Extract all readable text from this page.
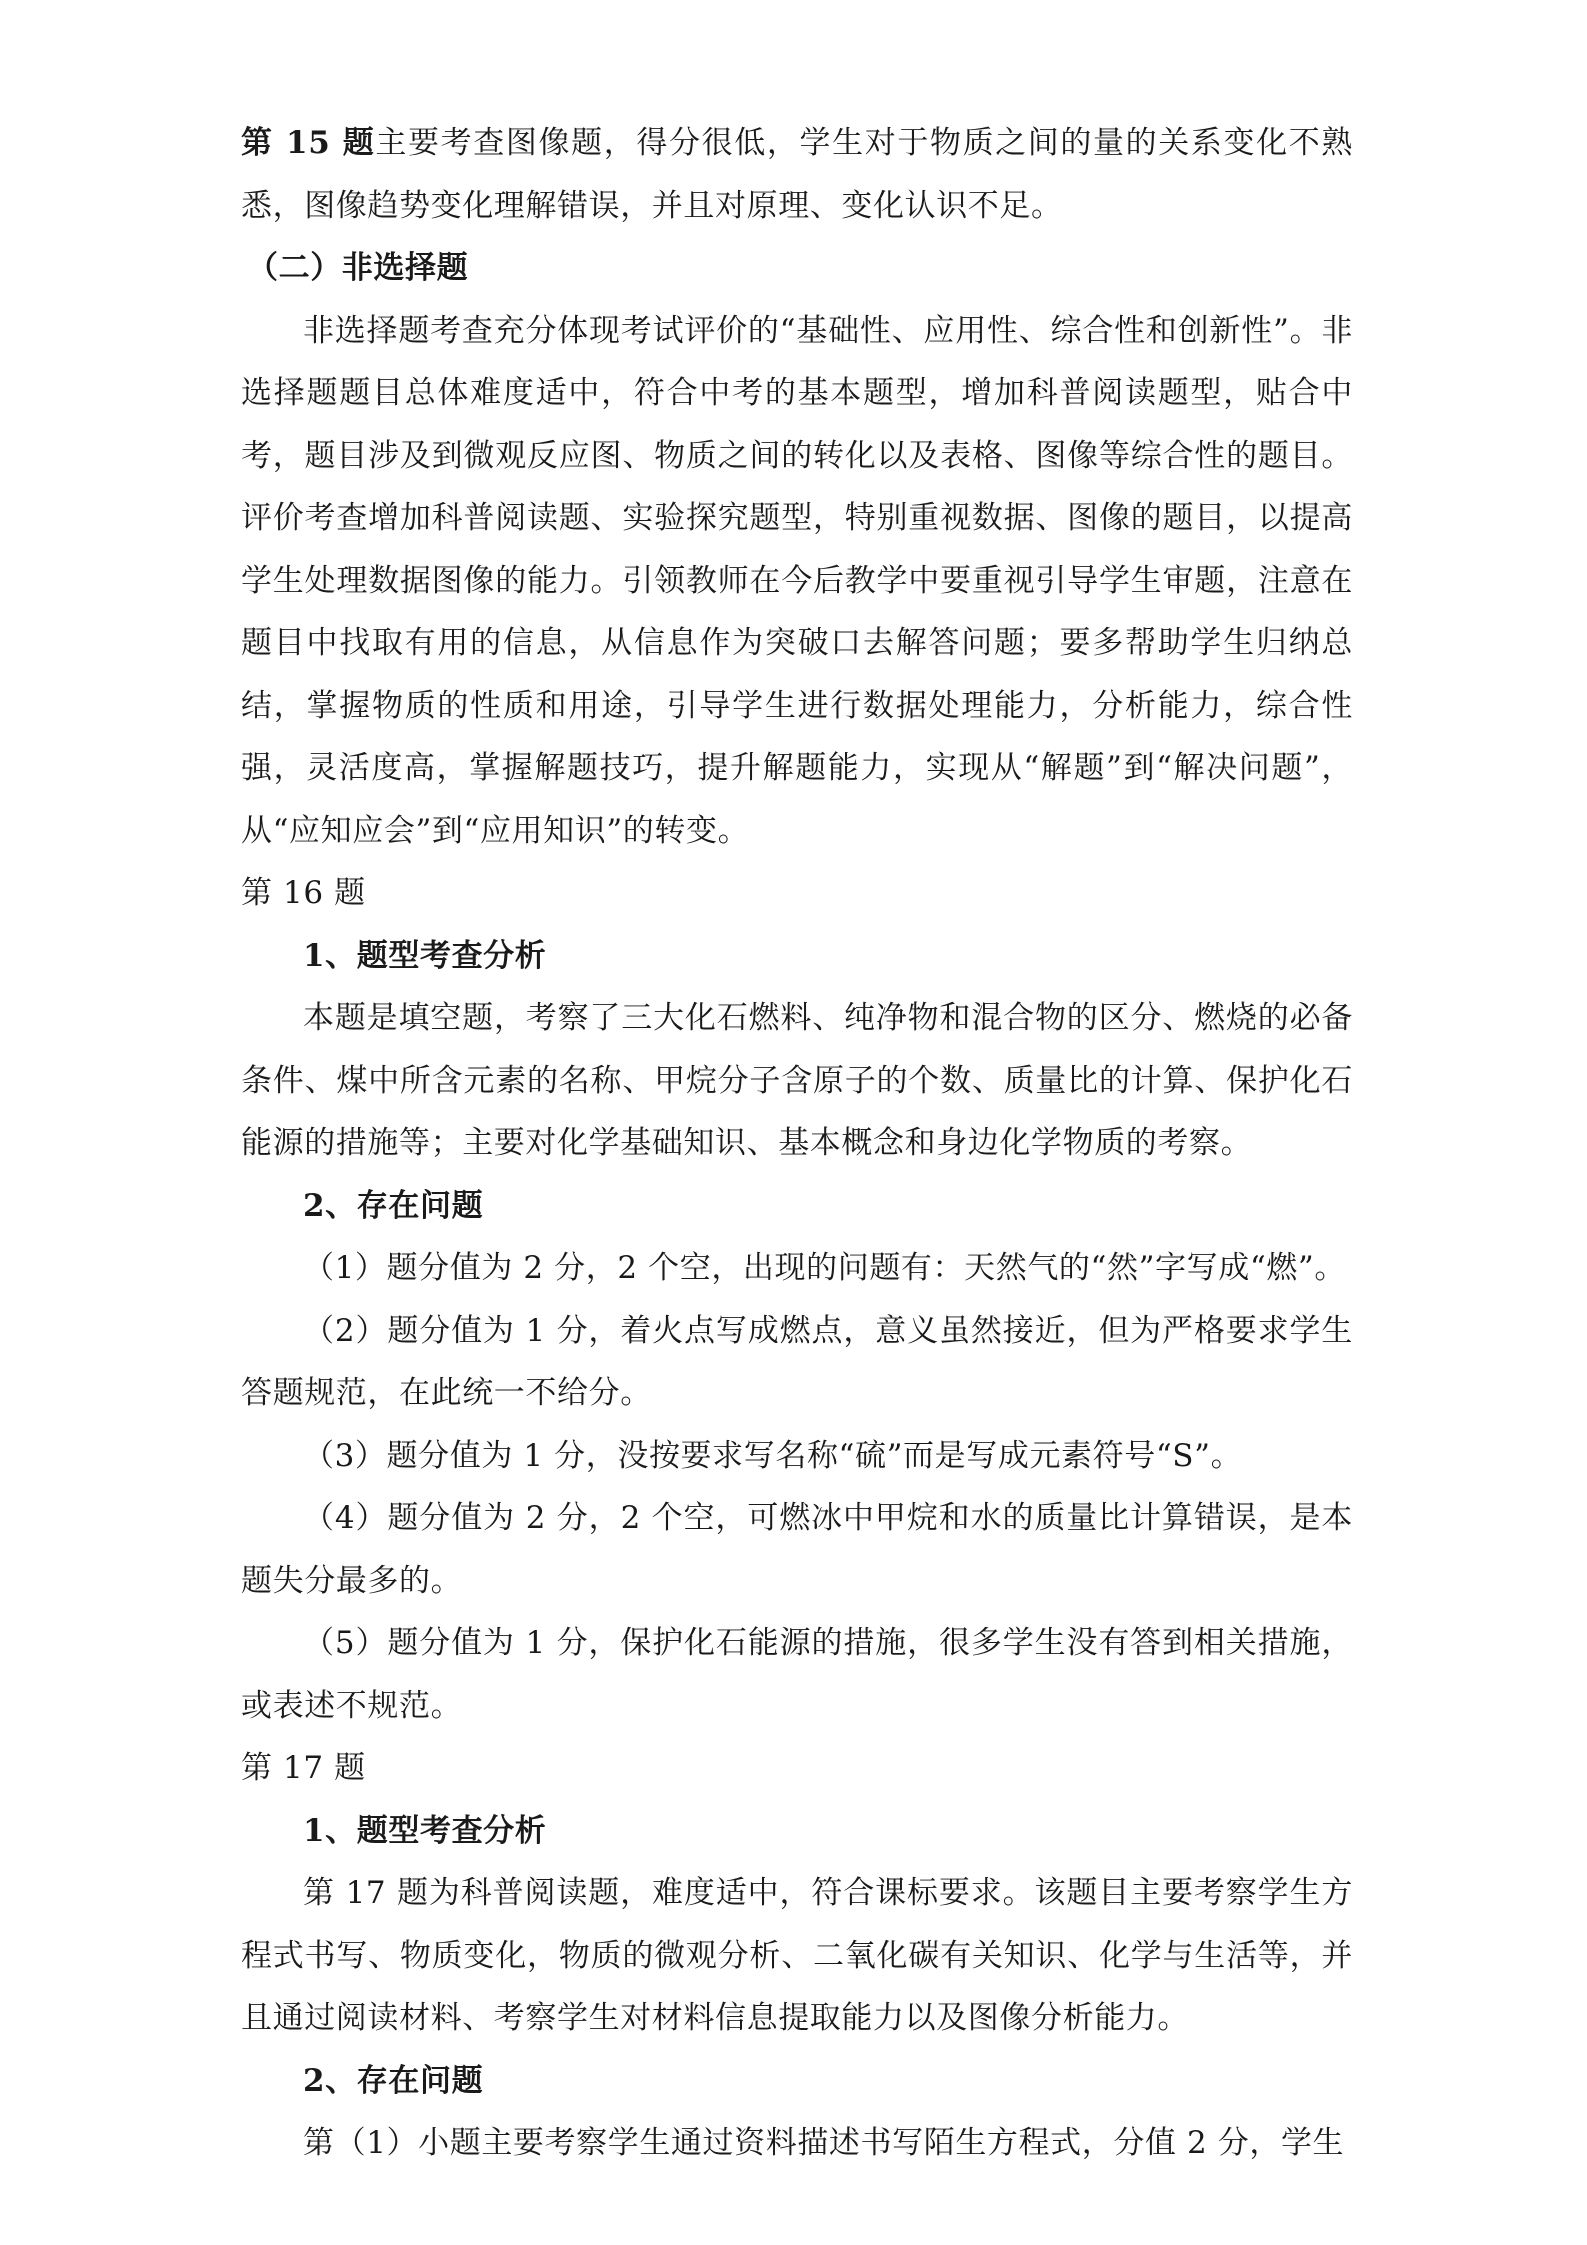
第 15 题主要考查图像题，得分很低，学生对于物质之间的量的关系变化不熟悉，图像趋势变化理解错误，并且对原理、变化认识不足。

（二）非选择题

非选择题考查充分体现考试评价的“基础性、应用性、综合性和创新性”。非选择题题目总体难度适中，符合中考的基本题型，增加科普阅读题型，贴合中考，题目涉及到微观反应图、物质之间的转化以及表格、图像等综合性的题目。评价考查增加科普阅读题、实验探究题型，特别重视数据、图像的题目，以提高学生处理数据图像的能力。引领教师在今后教学中要重视引导学生审题，注意在题目中找取有用的信息，从信息作为突破口去解答问题；要多帮助学生归纳总结，掌握物质的性质和用途，引导学生进行数据处理能力，分析能力，综合性强，灵活度高，掌握解题技巧，提升解题能力，实现从“解题”到“解决问题”，从“应知应会”到“应用知识”的转变。

第 16 题

1、题型考查分析

本题是填空题，考察了三大化石燃料、纯净物和混合物的区分、燃烧的必备条件、煤中所含元素的名称、甲烷分子含原子的个数、质量比的计算、保护化石能源的措施等；主要对化学基础知识、基本概念和身边化学物质的考察。

2、存在问题

（1）题分值为 2 分，2 个空，出现的问题有：天然气的“然”字写成“燃”。

（2）题分值为 1 分，着火点写成燃点，意义虽然接近，但为严格要求学生答题规范，在此统一不给分。

（3）题分值为 1 分，没按要求写名称“硫”而是写成元素符号“S”。

（4）题分值为 2 分，2 个空，可燃冰中甲烷和水的质量比计算错误，是本题失分最多的。

（5）题分值为 1 分，保护化石能源的措施，很多学生没有答到相关措施，或表述不规范。

第 17 题

1、题型考查分析

第 17 题为科普阅读题，难度适中，符合课标要求。该题目主要考察学生方程式书写、物质变化，物质的微观分析、二氧化碳有关知识、化学与生活等，并且通过阅读材料、考察学生对材料信息提取能力以及图像分析能力。

2、存在问题

第（1）小题主要考察学生通过资料描述书写陌生方程式，分值 2 分，学生
